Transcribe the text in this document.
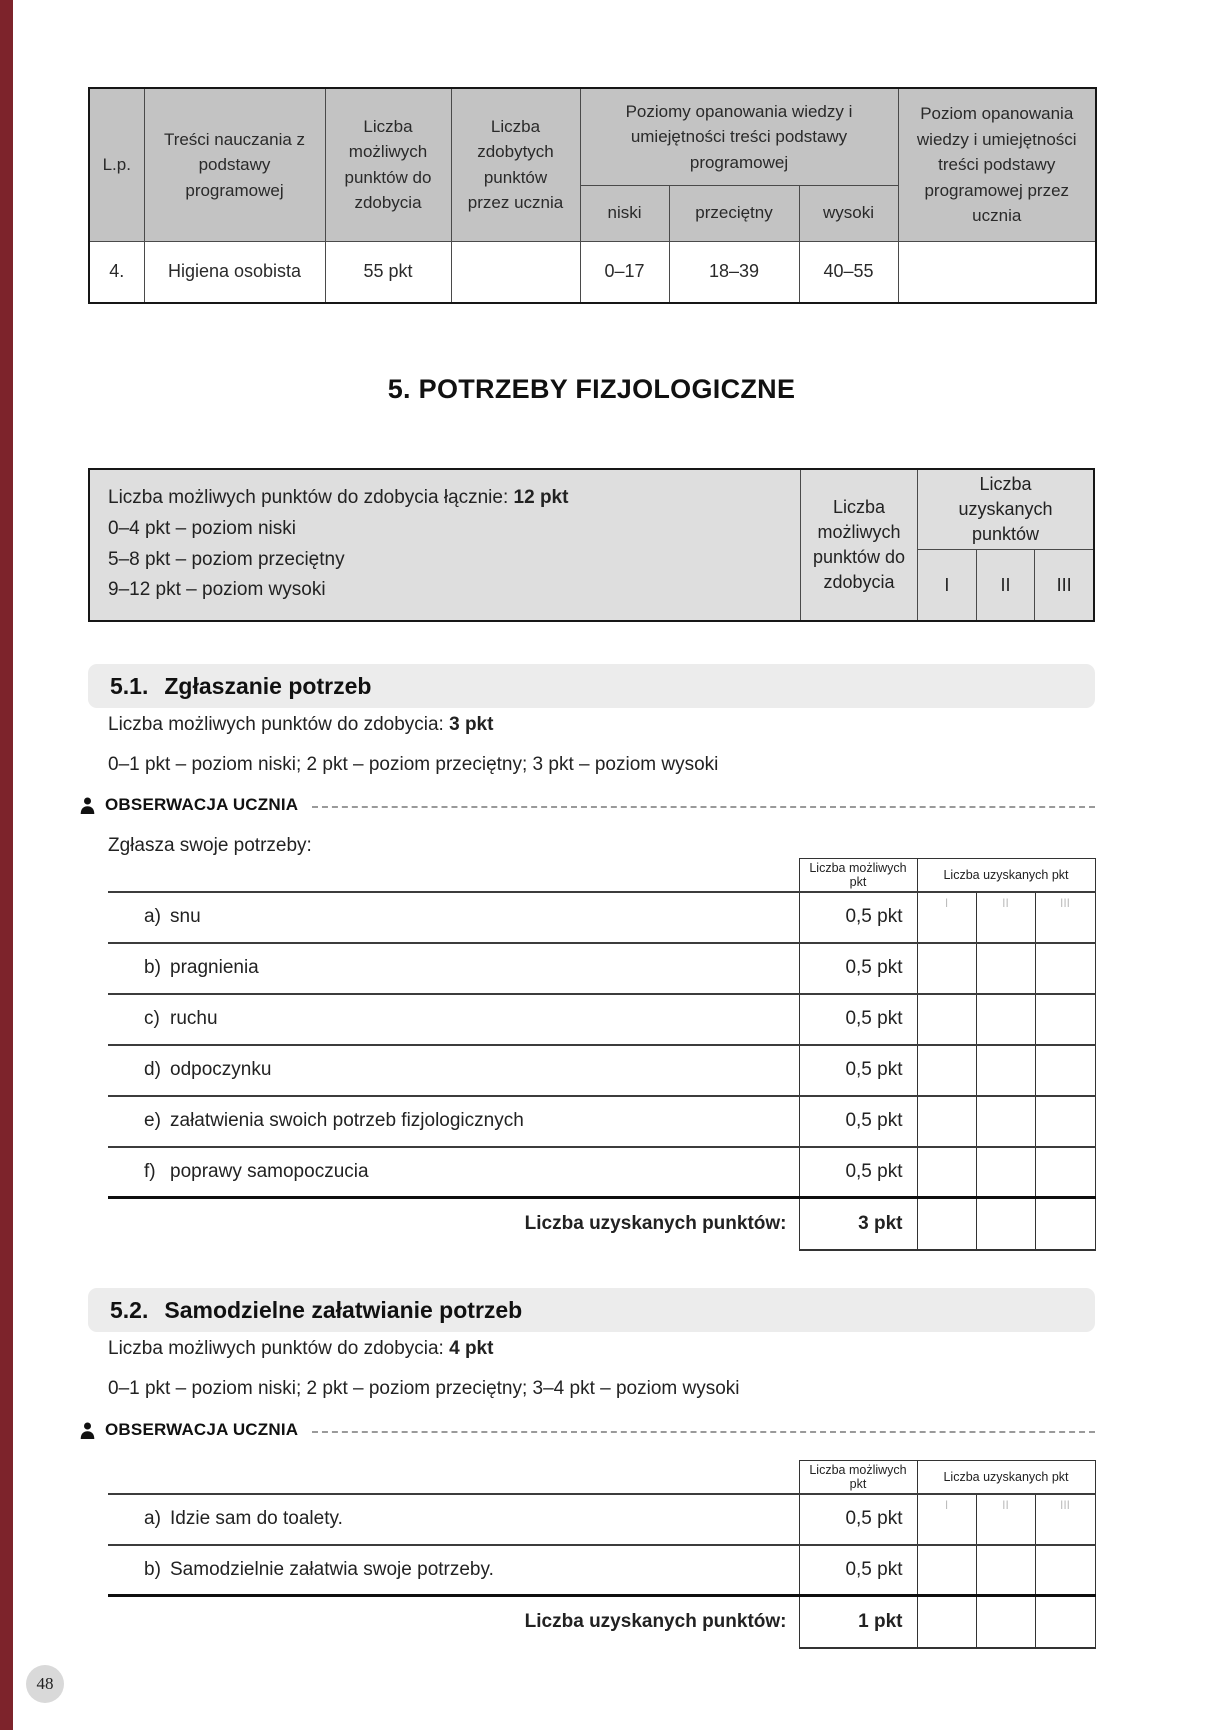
L.p.	Treści nauczania z podstawy programowej	Liczba możliwych punktów do zdobycia	Liczba zdobytych punktów przez ucznia	Poziomy opanowania wiedzy i umiejętności treści podstawy programowej			Poziom opanowania wiedzy i umiejętności treści podstawy programowej przez ucznia
				niski	przeciętny	wysoki	
4.	Higiena osobista	55 pkt		0–17	18–39	40–55	
5. POTRZEBY FIZJOLOGICZNE
Liczba możliwych punktów do zdobycia łącznie: 12 pkt
0–4 pkt – poziom niski
5–8 pkt – poziom przeciętny
9–12 pkt – poziom wysoki
Liczba możliwych punktów do zdobycia
Liczba uzyskanych punktów
I	II	III
5.1. Zgłaszanie potrzeb
Liczba możliwych punktów do zdobycia: 3 pkt
0–1 pkt – poziom niski; 2 pkt – poziom przeciętny; 3 pkt – poziom wysoki
OBSERWACJA UCZNIA
Zgłasza swoje potrzeby:
	Liczba możliwych pkt	Liczba uzyskanych pkt		
a) snu	0,5 pkt	I	II	III

b) pragnienia	0,5 pkt			
c) ruchu	0,5 pkt			
d) odpoczynku	0,5 pkt			
e) załatwienia swoich potrzeb fizjologicznych	0,5 pkt			
f) poprawy samopoczucia	0,5 pkt			
Liczba uzyskanych punktów:	3 pkt			
5.2. Samodzielne załatwianie potrzeb
Liczba możliwych punktów do zdobycia: 4 pkt
0–1 pkt – poziom niski; 2 pkt – poziom przeciętny; 3–4 pkt – poziom wysoki
OBSERWACJA UCZNIA
	Liczba możliwych pkt	Liczba uzyskanych pkt		
a) Idzie sam do toalety.	0,5 pkt	I	II	III

b) Samodzielnie załatwia swoje potrzeby.	0,5 pkt			
Liczba uzyskanych punktów:	1 pkt			
48
